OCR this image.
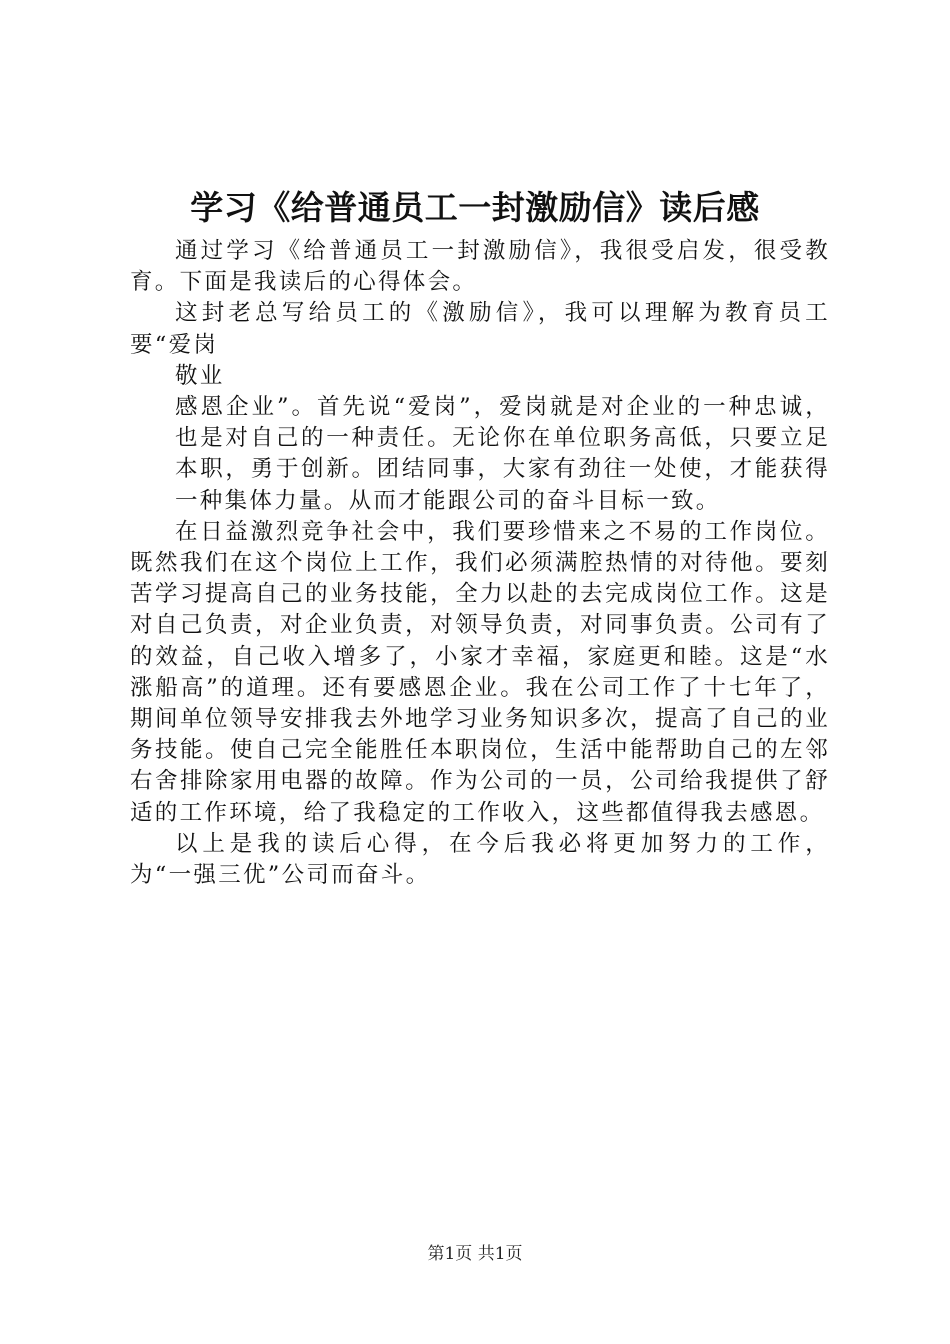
学习《给普通员工一封激励信》读后感

通过学习《给普通员工一封激励信》，我很受启发，很受教育。下面是我读后的心得体会。

这封老总写给员工的《激励信》，我可以理解为教育员工要“爱岗

敬业

感恩企业”。首先说“爱岗”，爱岗就是对企业的一种忠诚，也是对自己的一种责任。无论你在单位职务高低，只要立足本职，勇于创新。团结同事，大家有劲往一处使，才能获得一种集体力量。从而才能跟公司的奋斗目标一致。

在日益激烈竞争社会中，我们要珍惜来之不易的工作岗位。既然我们在这个岗位上工作，我们必须满腔热情的对待他。要刻苦学习提高自己的业务技能，全力以赴的去完成岗位工作。这是对自己负责，对企业负责，对领导负责，对同事负责。公司有了的效益，自己收入增多了，小家才幸福，家庭更和睦。这是“水涨船高”的道理。还有要感恩企业。我在公司工作了十七年了，期间单位领导安排我去外地学习业务知识多次，提高了自己的业务技能。使自己完全能胜任本职岗位，生活中能帮助自己的左邻右舍排除家用电器的故障。作为公司的一员，公司给我提供了舒适的工作环境，给了我稳定的工作收入，这些都值得我去感恩。

以上是我的读后心得，在今后我必将更加努力的工作，为“一强三优”公司而奋斗。

第1页 共1页
